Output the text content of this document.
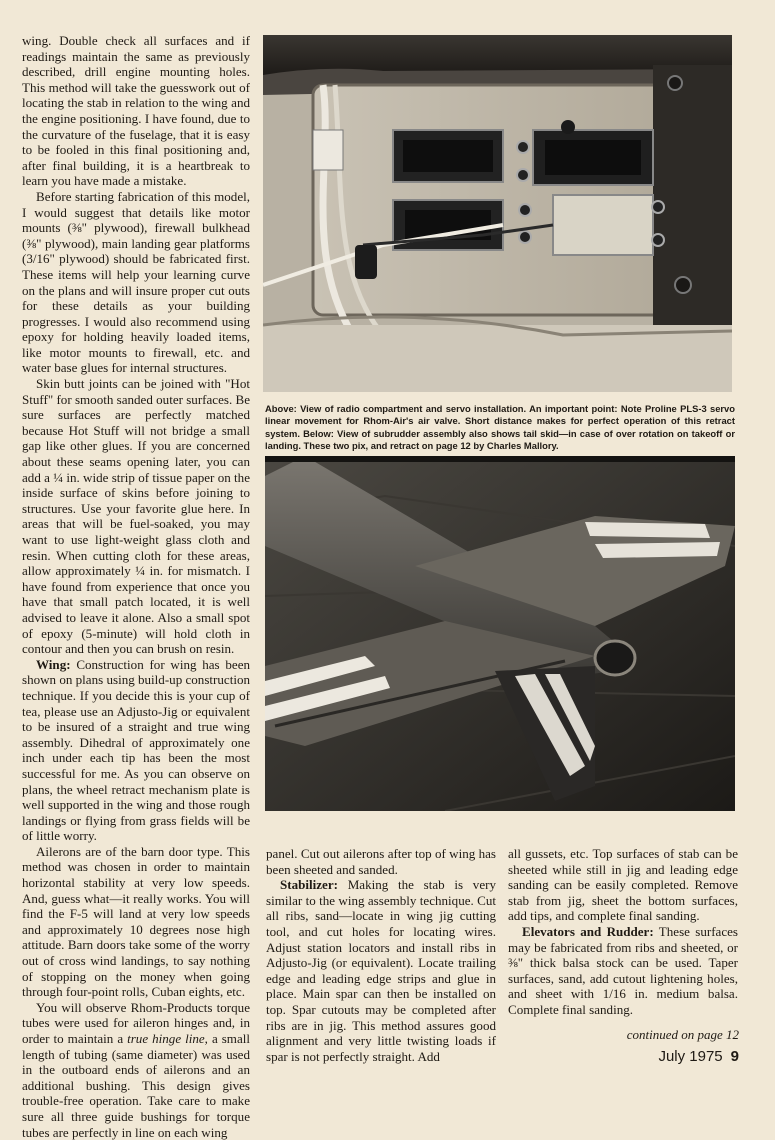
wing. Double check all surfaces and if readings maintain the same as previously described, drill engine mounting holes. This method will take the guesswork out of locating the stab in relation to the wing and the engine positioning. I have found, due to the curvature of the fuselage, that it is easy to be fooled in this final positioning and, after final building, it is a heartbreak to learn you have made a mistake.

Before starting fabrication of this model, I would suggest that details like motor mounts (⅜" plywood), firewall bulkhead (⅜" plywood), main landing gear platforms (3/16" plywood) should be fabricated first. These items will help your learning curve on the plans and will insure proper cut outs for these details as your building progresses. I would also recommend using epoxy for holding heavily loaded items, like motor mounts to firewall, etc. and water base glues for internal structures.

Skin butt joints can be joined with "Hot Stuff" for smooth sanded outer surfaces. Be sure surfaces are perfectly matched because Hot Stuff will not bridge a small gap like other glues. If you are concerned about these seams opening later, you can add a ¼ in. wide strip of tissue paper on the inside surface of skins before joining to structures. Use your favorite glue here. In areas that will be fuel-soaked, you may want to use light-weight glass cloth and resin. When cutting cloth for these areas, allow approximately ¼ in. for mismatch. I have found from experience that once you have that small patch located, it is well advised to leave it alone. Also a small spot of epoxy (5-minute) will hold cloth in contour and then you can brush on resin.

Wing: Construction for wing has been shown on plans using build-up construction technique. If you decide this is your cup of tea, please use an Adjusto-Jig or equivalent to be insured of a straight and true wing assembly. Dihedral of approximately one inch under each tip has been the most successful for me. As you can observe on plans, the wheel retract mechanism plate is well supported in the wing and those rough landings or flying from grass fields will be of little worry.

Ailerons are of the barn door type. This method was chosen in order to maintain horizontal stability at very low speeds. And, guess what—it really works. You will find the F-5 will land at very low speeds and approximately 10 degrees nose high attitude. Barn doors take some of the worry out of cross wind landings, to say nothing of stopping on the money when going through four-point rolls, Cuban eights, etc.

You will observe Rhom-Products torque tubes were used for aileron hinges and, in order to maintain a true hinge line, a small length of tubing (same diameter) was used in the outboard ends of ailerons and an additional bushing. This design gives trouble-free operation. Take care to make sure all three guide bushings for torque tubes are perfectly in line on each wing

Above: View of radio compartment and servo installation. An important point: Note Proline PLS-3 servo linear movement for Rhom-Air's air valve. Short distance makes for perfect operation of this retract system. Below: View of subrudder assembly also shows tail skid—in case of over rotation on takeoff or landing. These two pix, and retract on page 12 by Charles Mallory.

panel. Cut out ailerons after top of wing has been sheeted and sanded.

Stabilizer: Making the stab is very similar to the wing assembly technique. Cut all ribs, sand—locate in wing jig cutting tool, and cut holes for locating wires. Adjust station locators and install ribs in Adjusto-Jig (or equivalent). Locate trailing edge and leading edge strips and glue in place. Main spar can then be installed on top. Spar cutouts may be completed after ribs are in jig. This method assures good alignment and very little twisting loads if spar is not perfectly straight. Add

all gussets, etc. Top surfaces of stab can be sheeted while still in jig and leading edge sanding can be easily completed. Remove stab from jig, sheet the bottom surfaces, add tips, and complete final sanding.

Elevators and Rudder: These surfaces may be fabricated from ribs and sheeted, or ⅜" thick balsa stock can be used. Taper surfaces, sand, add cutout lightening holes, and sheet with 1/16 in. medium balsa. Complete final sanding.

continued on page 12
July 1975 9
